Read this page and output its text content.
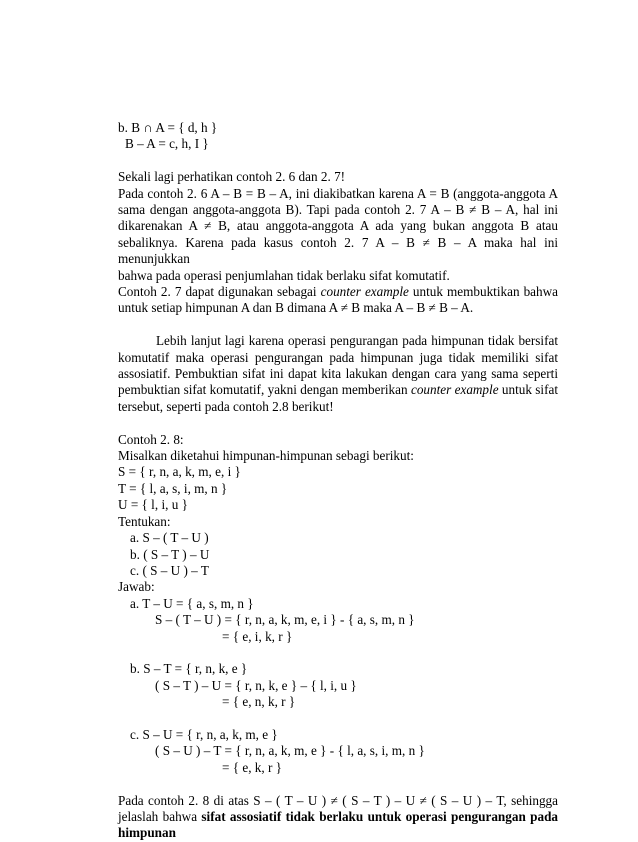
b. B ∩ A = { d, h }
B – A = c, h, I }
Sekali lagi perhatikan contoh 2. 6 dan 2. 7!
Pada contoh 2. 6 A – B = B – A, ini diakibatkan karena A = B (anggota-anggota A
sama dengan anggota-anggota B). Tapi pada contoh 2. 7 A – B ≠ B – A, hal ini
dikarenakan A ≠ B, atau anggota-anggota A ada yang bukan anggota B atau
sebaliknya. Karena pada kasus contoh 2. 7 A – B ≠ B – A maka hal ini menunjukkan
bahwa pada operasi penjumlahan tidak berlaku sifat komutatif.
Contoh 2. 7 dapat digunakan sebagai counter example untuk membuktikan bahwa
untuk setiap himpunan A dan B dimana A ≠ B maka A – B ≠ B – A.
Lebih lanjut lagi karena operasi pengurangan pada himpunan tidak bersifat
komutatif maka operasi pengurangan pada himpunan juga tidak memiliki sifat
assosiatif. Pembuktian sifat ini dapat kita lakukan dengan cara yang sama seperti
pembuktian sifat komutatif, yakni dengan memberikan counter example untuk sifat
tersebut, seperti pada contoh 2.8 berikut!
Contoh 2. 8:
Misalkan diketahui himpunan-himpunan sebagi berikut:
S = { r, n, a, k, m, e, i }
T = { l, a, s, i, m, n }
U = { l, i, u }
Tentukan:
a. S – ( T – U )
b. ( S – T ) – U
c. ( S – U ) – T
Jawab:
a. T – U = { a, s, m, n }
S – ( T – U ) = { r, n, a, k, m, e, i } - { a, s, m, n }
= { e, i, k, r }
b. S – T = { r, n, k, e }
( S – T ) – U = { r, n, k, e } – { l, i, u }
= { e, n, k, r }
c. S – U = { r, n, a, k, m, e }
( S – U ) – T = { r, n, a, k, m, e } - { l, a, s, i, m, n }
= { e, k, r }
Pada contoh 2. 8 di atas S – ( T – U ) ≠ ( S – T ) – U ≠ ( S – U ) – T, sehingga
jelaslah bahwa sifat assosiatif tidak berlaku untuk operasi pengurangan pada
himpunan
